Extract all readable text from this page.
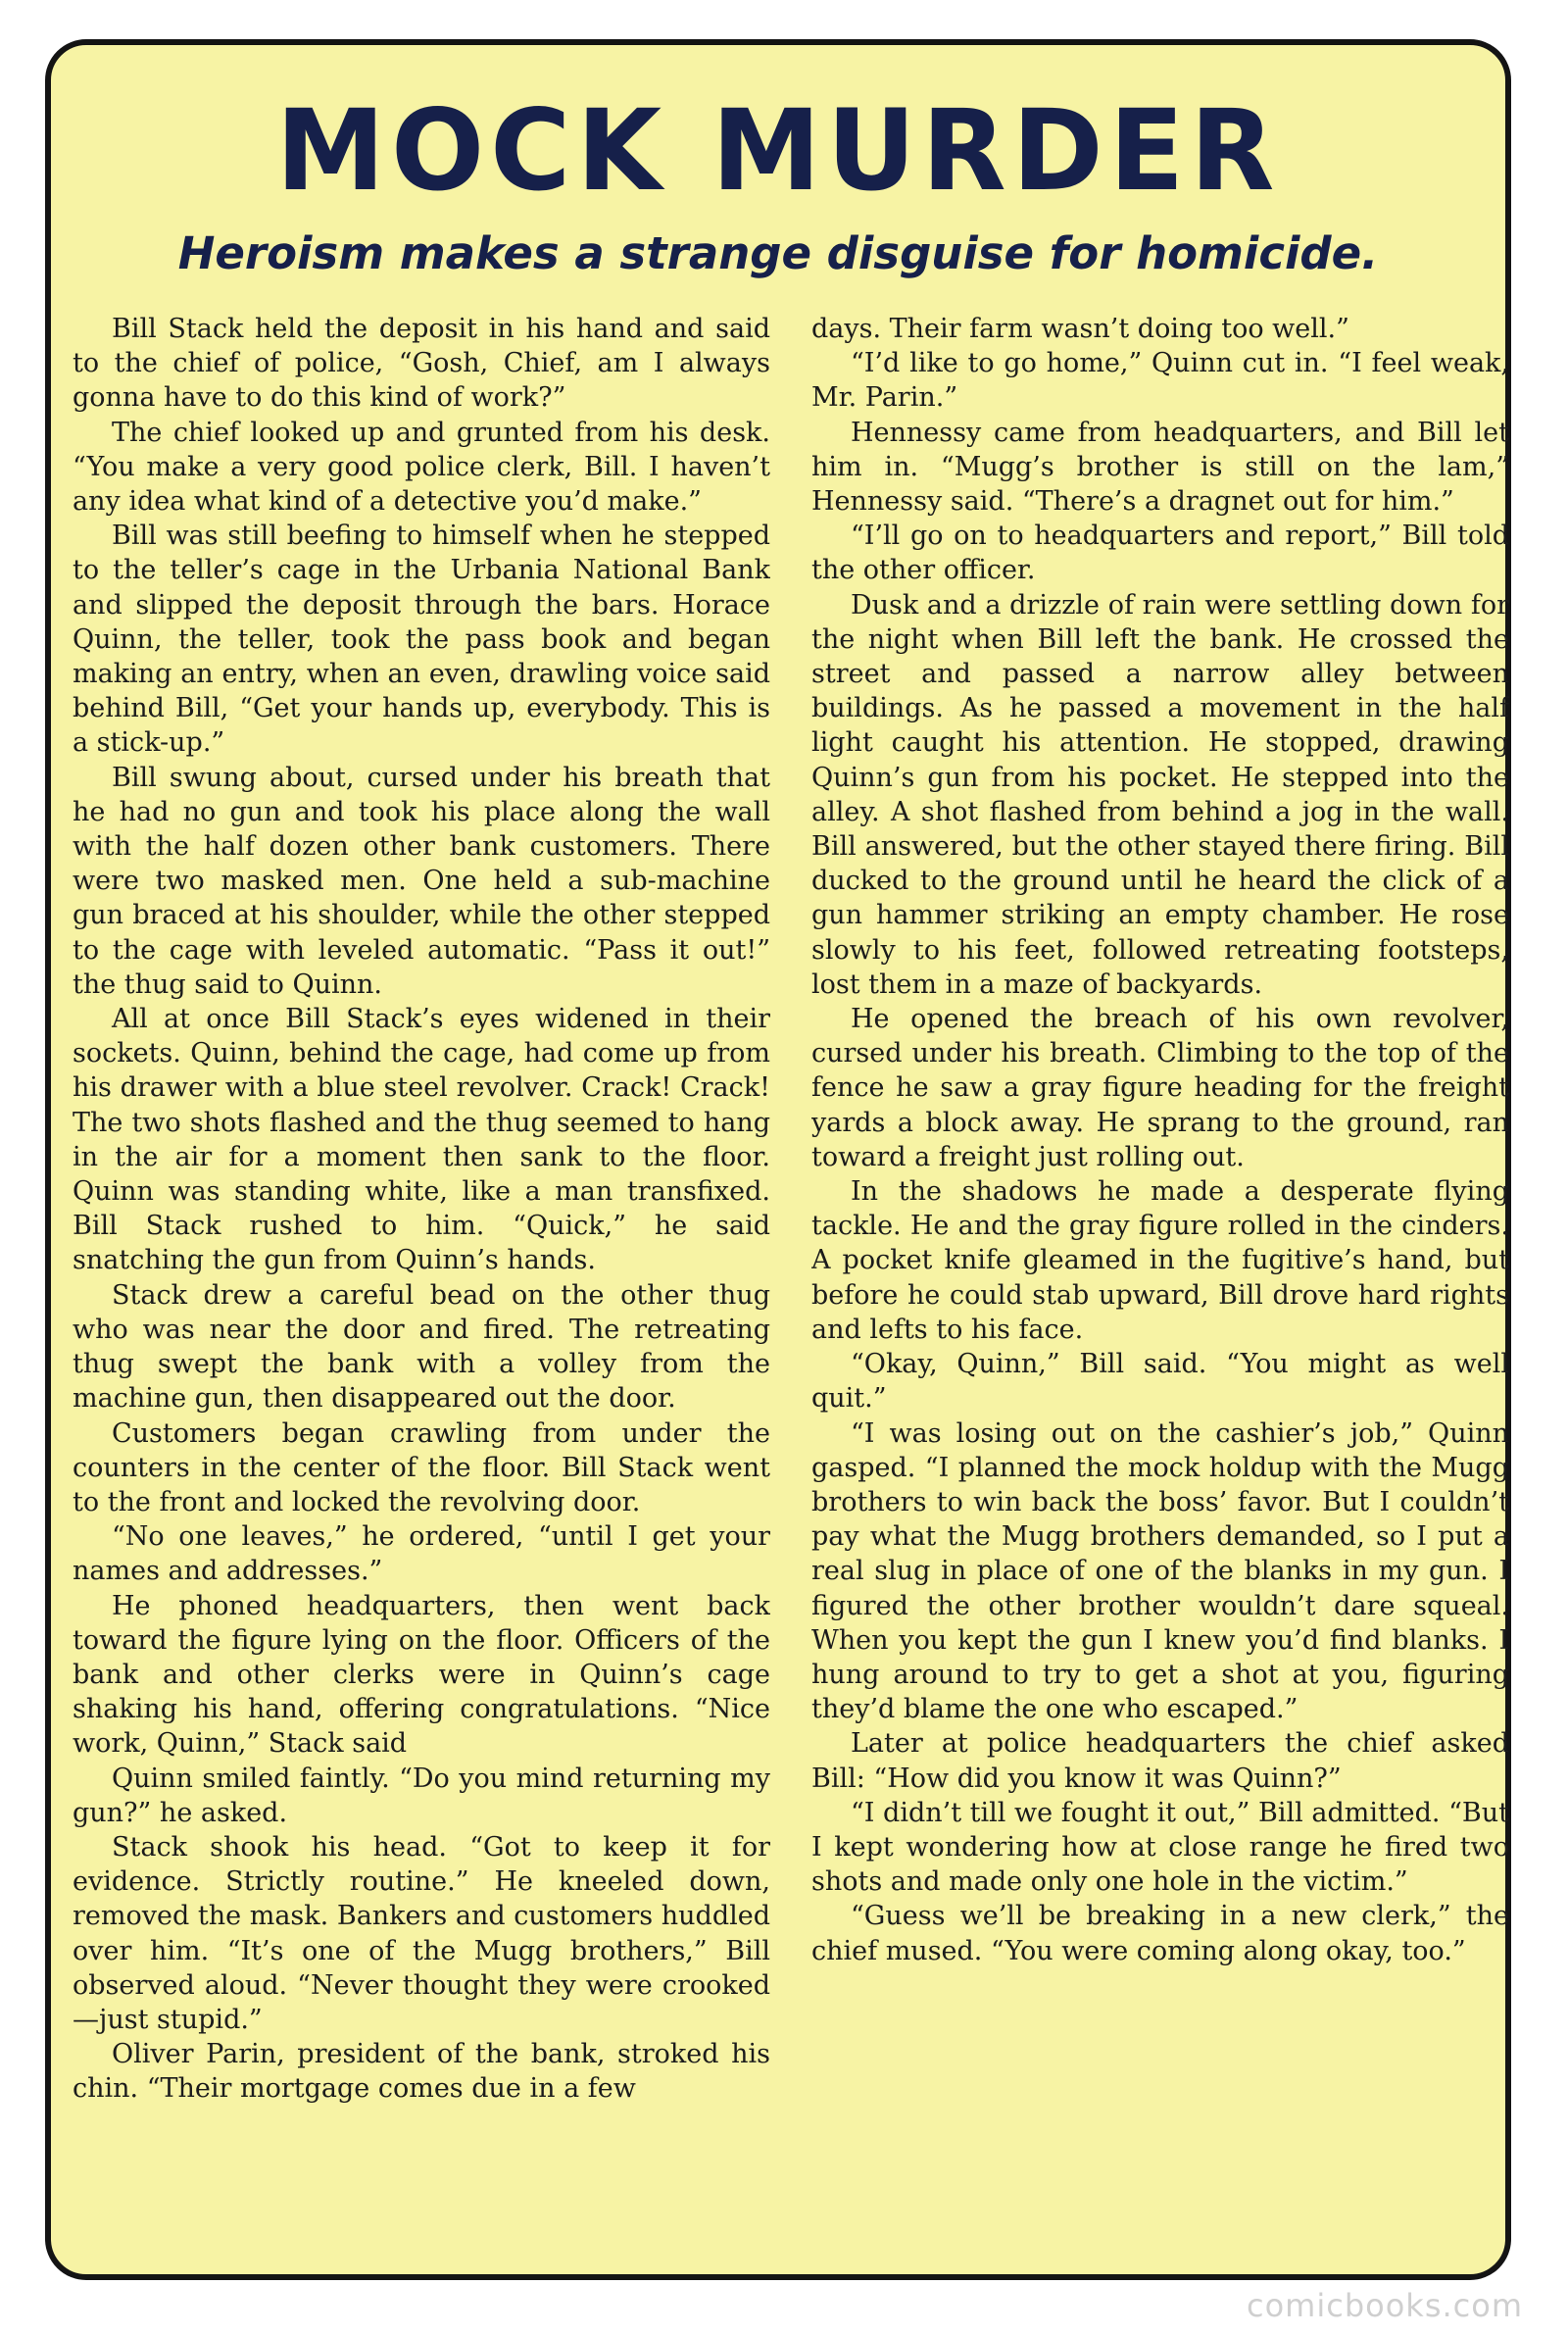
MOCK MURDER
Heroism makes a strange disguise for homicide.

Bill Stack held the deposit in his hand and said to the chief of police, “Gosh, Chief, am I always gonna have to do this kind of work?”

The chief looked up and grunted from his desk. “You make a very good police clerk, Bill. I haven’t any idea what kind of a detective you’d make.”

Bill was still beefing to himself when he stepped to the teller’s cage in the Urbania National Bank and slipped the deposit through the bars. Horace Quinn, the teller, took the pass book and began making an entry, when an even, drawling voice said behind Bill, “Get your hands up, everybody. This is a stick-up.”

Bill swung about, cursed under his breath that he had no gun and took his place along the wall with the half dozen other bank customers. There were two masked men. One held a sub-machine gun braced at his shoulder, while the other stepped to the cage with leveled automatic. “Pass it out!” the thug said to Quinn.

All at once Bill Stack’s eyes widened in their sockets. Quinn, behind the cage, had come up from his drawer with a blue steel revolver. Crack! Crack! The two shots flashed and the thug seemed to hang in the air for a moment then sank to the floor. Quinn was standing white, like a man transfixed. Bill Stack rushed to him. “Quick,” he said snatching the gun from Quinn’s hands.

Stack drew a careful bead on the other thug who was near the door and fired. The retreating thug swept the bank with a volley from the machine gun, then disappeared out the door.

Customers began crawling from under the counters in the center of the floor. Bill Stack went to the front and locked the revolving door.

“No one leaves,” he ordered, “until I get your names and addresses.”

He phoned headquarters, then went back toward the figure lying on the floor. Officers of the bank and other clerks were in Quinn’s cage shaking his hand, offering congratulations. “Nice work, Quinn,” Stack said

Quinn smiled faintly. “Do you mind returning my gun?” he asked.

Stack shook his head. “Got to keep it for evidence. Strictly routine.” He kneeled down, removed the mask. Bankers and customers huddled over him. “It’s one of the Mugg brothers,” Bill observed aloud. “Never thought they were crooked—just stupid.”

Oliver Parin, president of the bank, stroked his chin. “Their mortgage comes due in a few

days. Their farm wasn’t doing too well.”

“I’d like to go home,” Quinn cut in. “I feel weak, Mr. Parin.”

Hennessy came from headquarters, and Bill let him in. “Mugg’s brother is still on the lam,” Hennessy said. “There’s a dragnet out for him.”

“I’ll go on to headquarters and report,” Bill told the other officer.

Dusk and a drizzle of rain were settling down for the night when Bill left the bank. He crossed the street and passed a narrow alley between buildings. As he passed a movement in the half light caught his attention. He stopped, drawing Quinn’s gun from his pocket. He stepped into the alley. A shot flashed from behind a jog in the wall. Bill answered, but the other stayed there firing. Bill ducked to the ground until he heard the click of a gun hammer striking an empty chamber. He rose slowly to his feet, followed retreating footsteps, lost them in a maze of backyards.

He opened the breach of his own revolver, cursed under his breath. Climbing to the top of the fence he saw a gray figure heading for the freight yards a block away. He sprang to the ground, ran toward a freight just rolling out.

In the shadows he made a desperate flying tackle. He and the gray figure rolled in the cinders. A pocket knife gleamed in the fugitive’s hand, but before he could stab upward, Bill drove hard rights and lefts to his face.

“Okay, Quinn,” Bill said. “You might as well quit.”

“I was losing out on the cashier’s job,” Quinn gasped. “I planned the mock holdup with the Mugg brothers to win back the boss’ favor. But I couldn’t pay what the Mugg brothers demanded, so I put a real slug in place of one of the blanks in my gun. I figured the other brother wouldn’t dare squeal. When you kept the gun I knew you’d find blanks. I hung around to try to get a shot at you, figuring they’d blame the one who escaped.”

Later at police headquarters the chief asked Bill: “How did you know it was Quinn?”

“I didn’t till we fought it out,” Bill admitted. “But I kept wondering how at close range he fired two shots and made only one hole in the victim.”

“Guess we’ll be breaking in a new clerk,” the chief mused. “You were coming along okay, too.”

comicbooks.com
